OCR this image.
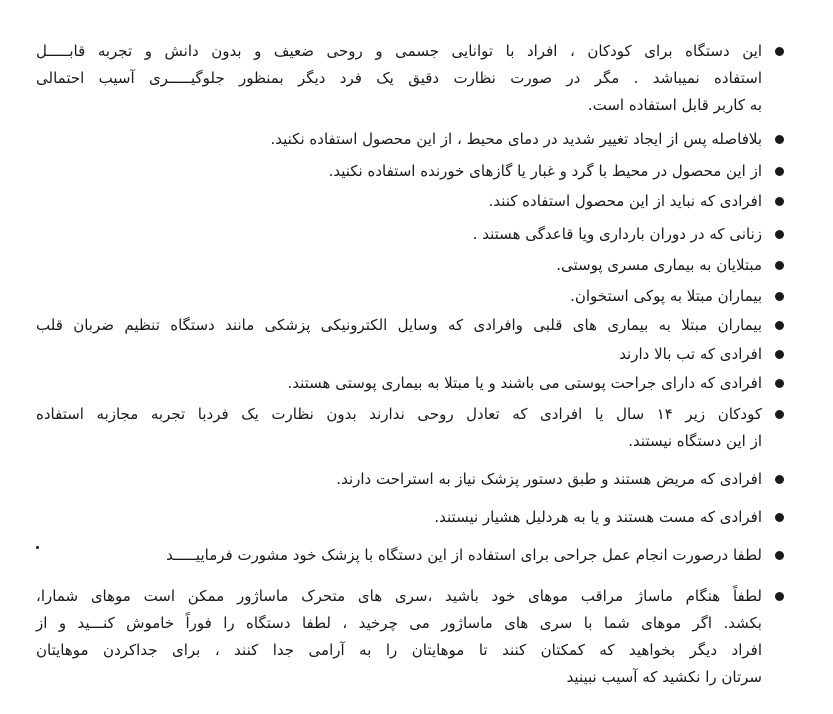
این دستگاه برای کودکان ، افراد با توانایی جسمی و روحی ضعیف و بدون دانش و تجربه قابـــــل
استفاده نمیباشد . مگر در صورت نظارت دقیق یک فرد دیگر بمنظور جلوگیـــــری آسیب احتمالی
به کاربر قابل استفاده است.
بلافاصله پس از ایجاد تغییر شدید در دمای محیط ، از این محصول استفاده نکنید.
از این محصول در محیط با گرد و غبار یا گازهای خورنده استفاده نکنید.
افرادی که نباید از این محصول استفاده کنند.
زنانی که در دوران بارداری ویا قاعدگی هستند .
مبتلایان به بیماری مسری پوستی.
بیماران مبتلا به پوکی استخوان.
بیماران مبتلا به بیماری های قلبی وافرادی که وسایل الکترونیکی پزشکی مانند دستگاه تنظیم ضربان قلب
افرادی که تب بالا دارند
افرادی که دارای جراحت پوستی می باشند و یا مبتلا به بیماری پوستی هستند.
کودکان زیر ۱۴ سال یا افرادی که تعادل روحی ندارند بدون نظارت یک فردبا تجربه مجازبه استفاده
از این دستگاه نیستند.
افرادی که مریض هستند و طبق دستور پزشک نیاز به استراحت دارند.
افرادی که مست هستند و یا به هردلیل هشیار نیستند.
لطفا درصورت انجام عمل جراحی برای استفاده از این دستگاه با پزشک خود مشورت فرماییـــــد
لطفاً هنگام ماساژ مراقب موهای خود باشید ،سری های متحرک ماساژور ممکن است موهای شمارا،
بکشد. اگر موهای شما با سری های ماساژور می چرخید ، لطفا دستگاه را فوراً خاموش کنـــید و از
افراد دیگر بخواهید که کمکتان کنند تا موهایتان را به آرامی جدا کنند ، برای جداکردن موهایتان
سرتان را نکشید که آسیب نبینید
